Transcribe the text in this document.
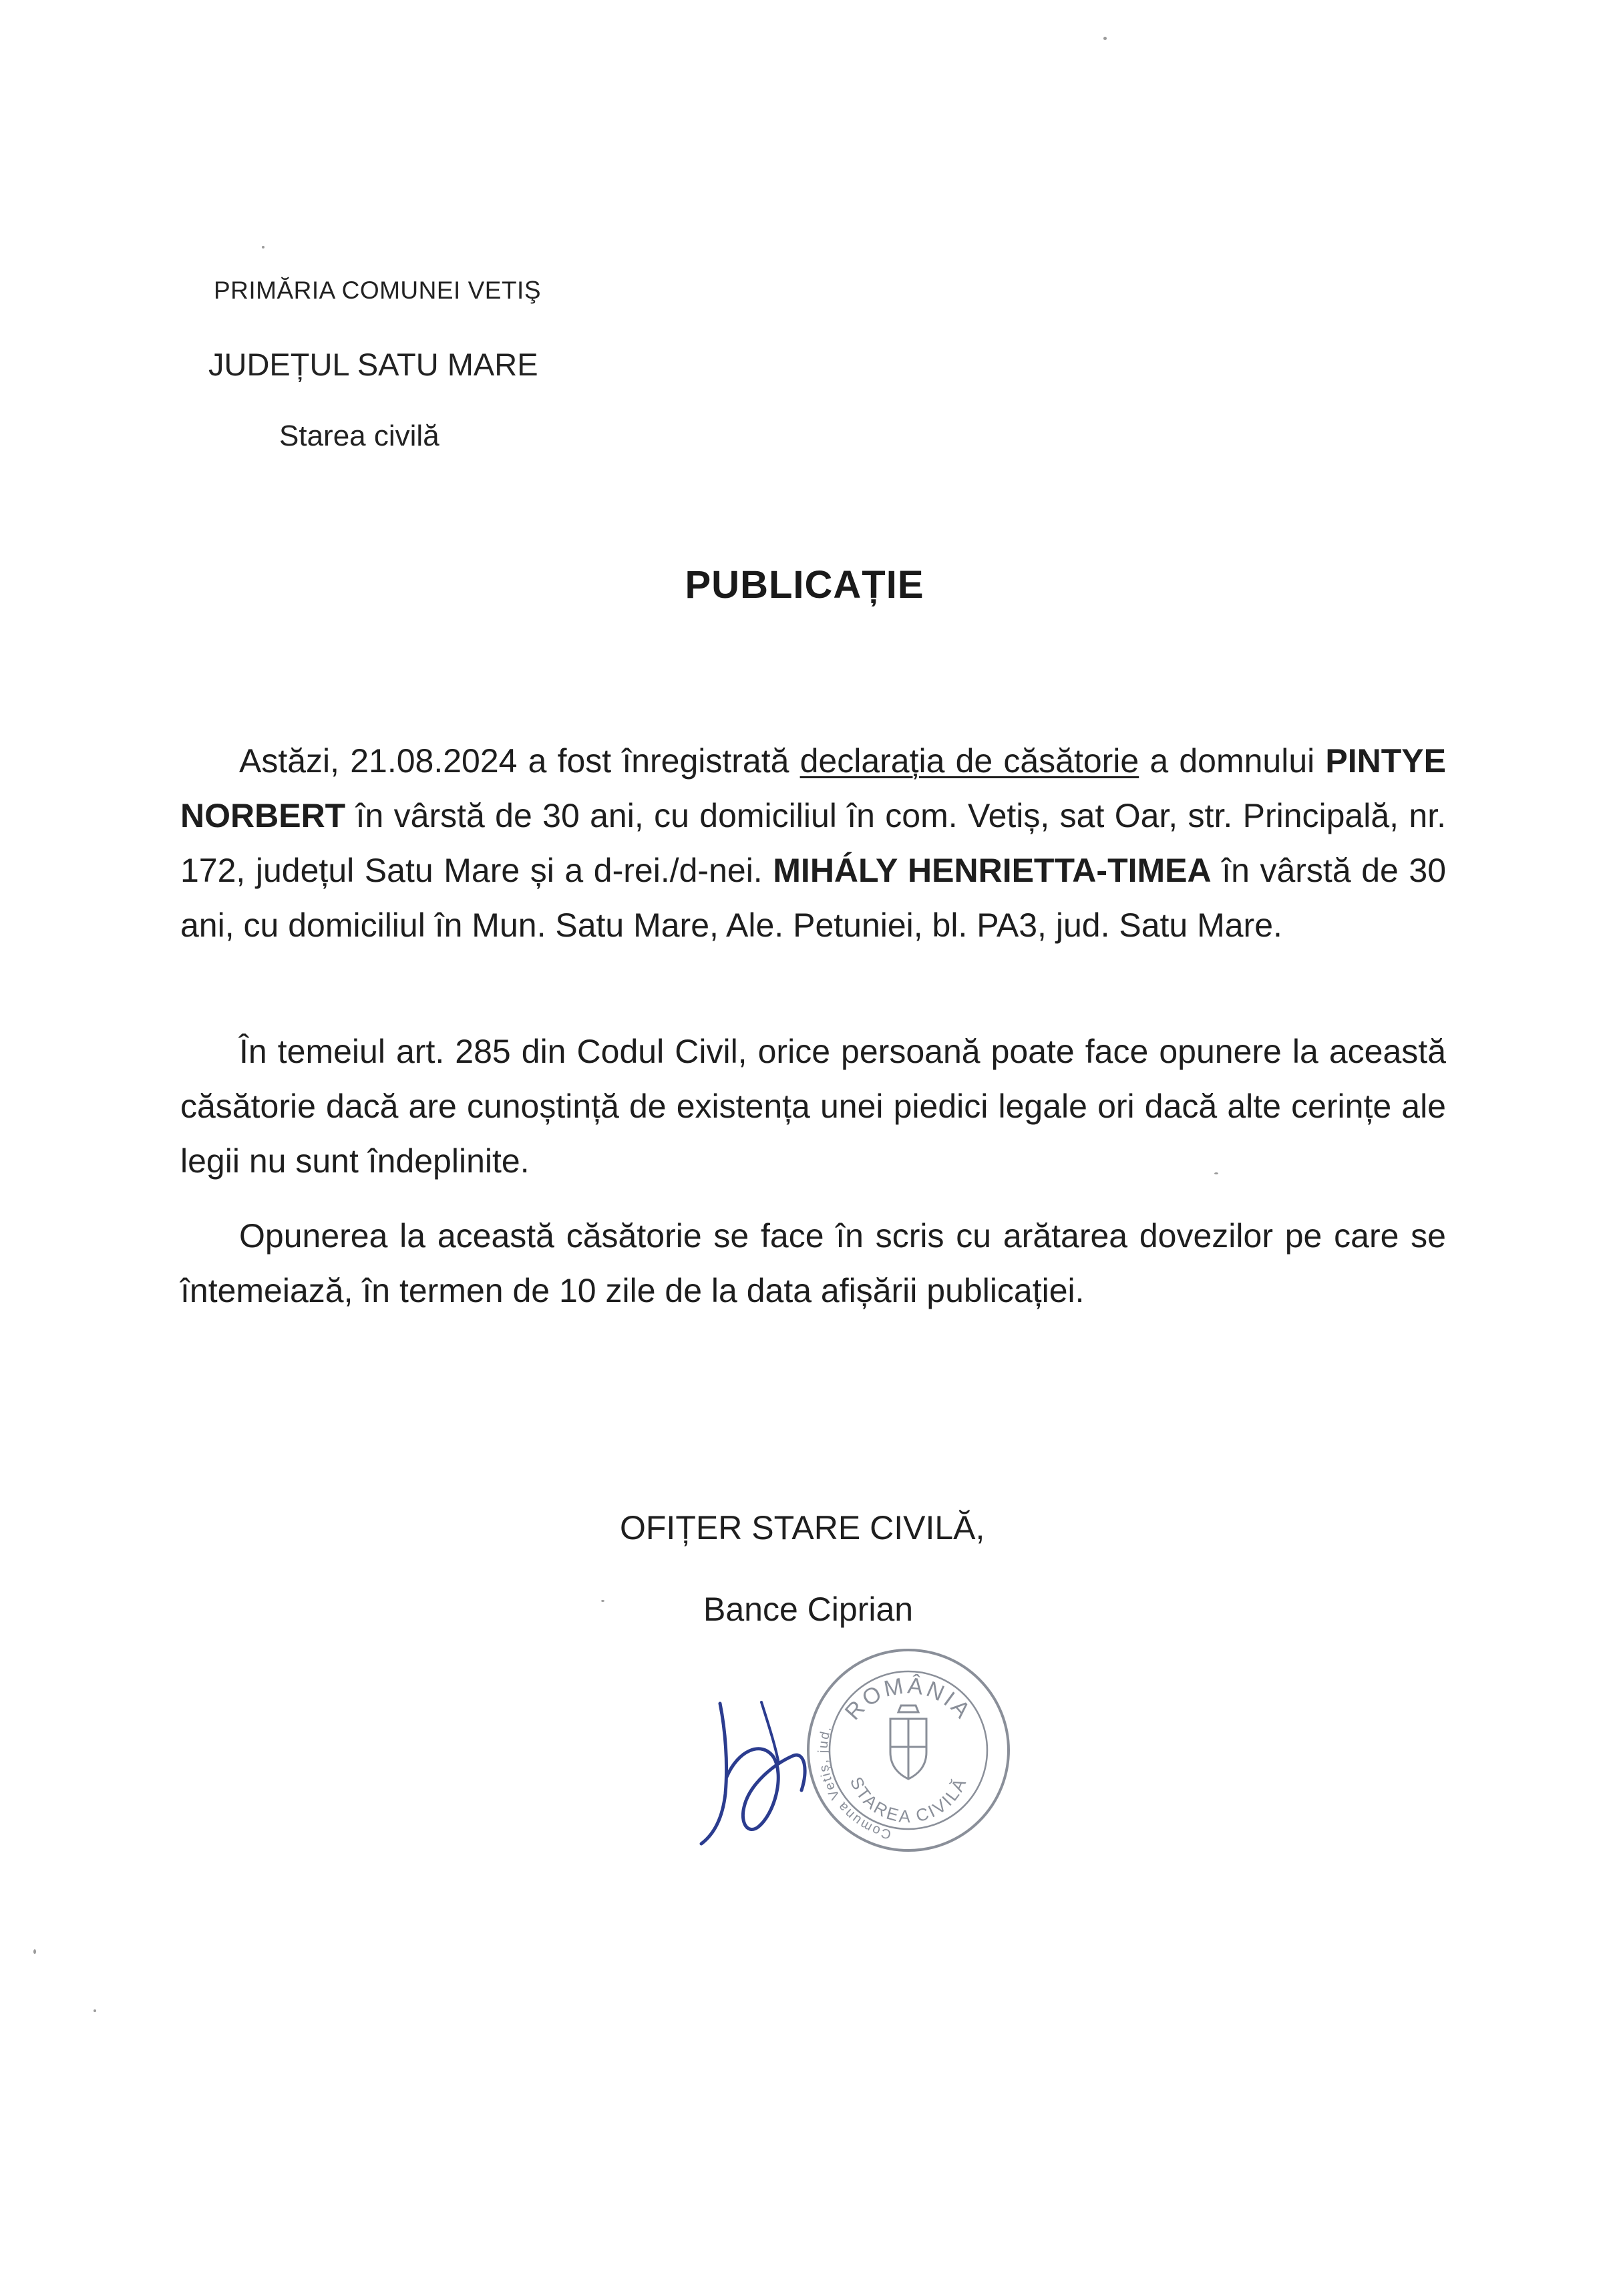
PRIMĂRIA COMUNEI VETIŞ

JUDEȚUL SATU MARE

Starea civilă

PUBLICAȚIE

Astăzi, 21.08.2024 a fost înregistrată declarația de căsătorie a domnului PINTYE NORBERT în vârstă de 30 ani, cu domiciliul în com. Vetiș, sat Oar, str. Principală, nr. 172, județul Satu Mare și a d-rei./d-nei. MIHÁLY HENRIETTA-TIMEA în vârstă de 30 ani, cu domiciliul în Mun. Satu Mare, Ale. Petuniei, bl. PA3, jud. Satu Mare.

În temeiul art. 285 din Codul Civil, orice persoană poate face opunere la această căsătorie dacă are cunoștință de existența unei piedici legale ori dacă alte cerințe ale legii nu sunt îndeplinite.

Opunerea la această căsătorie se face în scris cu arătarea dovezilor pe care se întemeiază, în termen de 10 zile de la data afișării publicației.

OFIȚER STARE CIVILĂ,

Bance Ciprian

ROMÂNIA
STAREA CIVILĂ
Comuna Vetiș, jud.
